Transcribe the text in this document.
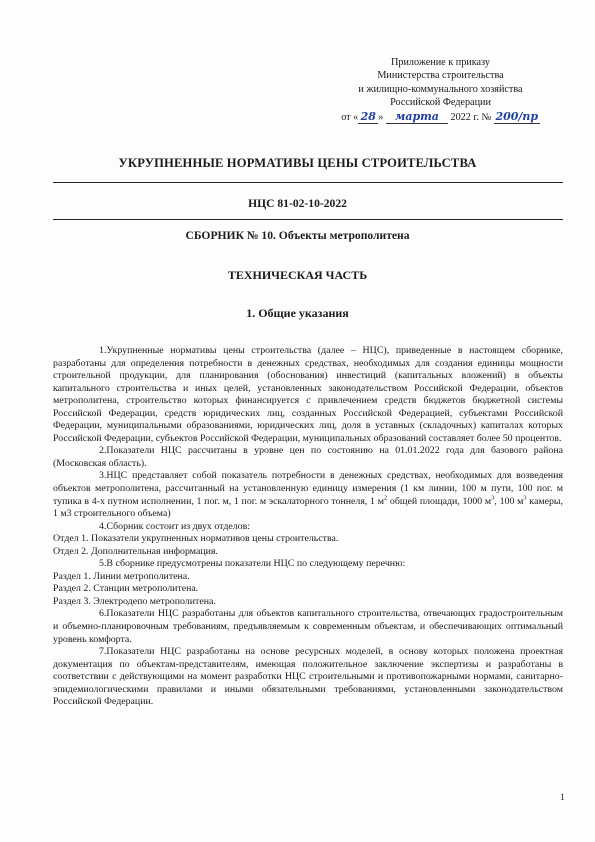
Приложение к приказу
Министерства строительства
и жилищно-коммунального хозяйства
Российской Федерации
от « 28 » марта 2022 г. № 200/пр
УКРУПНЕННЫЕ НОРМАТИВЫ ЦЕНЫ СТРОИТЕЛЬСТВА
НЦС 81-02-10-2022
СБОРНИК № 10. Объекты метрополитена
ТЕХНИЧЕСКАЯ ЧАСТЬ
1. Общие указания

1.Укрупненные нормативы цены строительства (далее – НЦС), приведенные в настоящем сборнике, разработаны для определения потребности в денежных средствах, необходимых для создания единицы мощности строительной продукции, для планирования (обоснования) инвестиций (капитальных вложений) в объекты капитального строительства и иных целей, установленных законодательством Российской Федерации, объектов метрополитена, строительство которых финансируется с привлечением средств бюджетов бюджетной системы Российской Федерации, средств юридических лиц, созданных Российской Федерацией, субъектами Российской Федерации, муниципальными образованиями, юридических лиц, доля в уставных (складочных) капиталах которых Российской Федерации, субъектов Российской Федерации, муниципальных образований составляет более 50 процентов.

2.Показатели НЦС рассчитаны в уровне цен по состоянию на 01.01.2022 года для базового района (Московская область).

3.НЦС представляет собой показатель потребности в денежных средствах, необходимых для возведения объектов метрополитена, рассчитанный на установленную единицу измерения (1 км линии, 100 м пути, 100 пог. м тупика в 4-х путном исполнении, 1 пог. м, 1 пог. м эскалаторного тоннеля, 1 $м^2$ общей площади, 1000 $м^3$, 100 $м^3$ камеры, 1 м3 строительного объема)

4.Сборник состоит из двух отделов:

Отдел 1. Показатели укрупненных нормативов цены строительства.

Отдел 2. Дополнительная информация.

5.В сборнике предусмотрены показатели НЦС по следующему перечню:

Раздел 1. Линии метрополитена.

Раздел 2. Станции метрополитена.

Раздел 3. Электродепо метрополитена.

6.Показатели НЦС разработаны для объектов капитального строительства, отвечающих градостроительным и объемно-планировочным требованиям, предъявляемым к современным объектам, и обеспечивающих оптимальный уровень комфорта.

7.Показатели НЦС разработаны на основе ресурсных моделей, в основу которых положена проектная документация по объектам-представителям, имеющая положительное заключение экспертизы и разработаны в соответствии с действующими на момент разработки НЦС строительными и противопожарными нормами, санитарно-эпидемиологическими правилами и иными обязательными требованиями, установленными законодательством Российской Федерации.

1
